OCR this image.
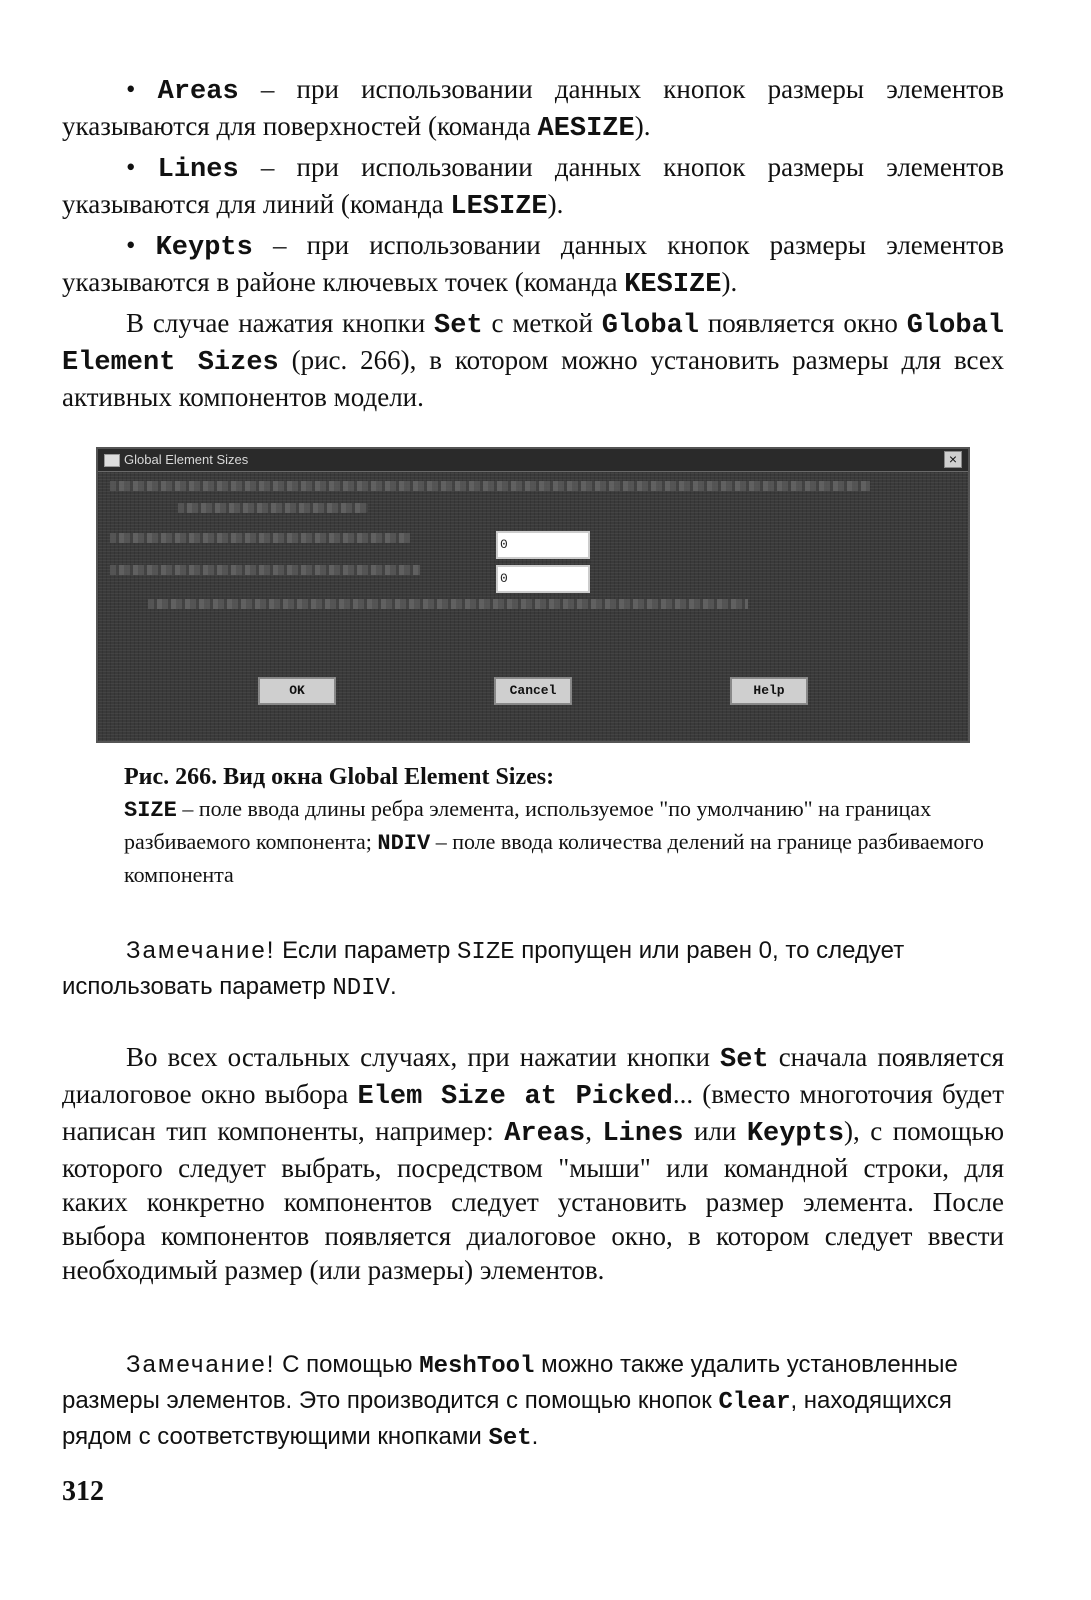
• Areas – при использовании данных кнопок размеры элементов указываются для поверхностей (команда AESIZE).
• Lines – при использовании данных кнопок размеры элементов указываются для линий (команда LESIZE).
• Keypts – при использовании данных кнопок размеры элементов указываются в районе ключевых точек (команда KESIZE).
В случае нажатия кнопки Set с меткой Global появляется окно Global Element Sizes (рис. 266), в котором можно установить размеры для всех активных компонентов модели.
Global Element Sizes	×
0
0
OK	Cancel	Help
Рис. 266. Вид окна Global Element Sizes:
SIZE – поле ввода длины ребра элемента, используемое "по умолчанию" на границах разбиваемого компонента; NDIV – поле ввода количества делений на границе разбиваемого компонента
Замечание! Если параметр SIZE пропущен или равен 0, то следует использовать параметр NDIV.
Во всех остальных случаях, при нажатии кнопки Set сначала появляется диалоговое окно выбора Elem Size at Picked... (вместо многоточия будет написан тип компоненты, например: Areas, Lines или Keypts), с помощью которого следует выбрать, посредством "мыши" или командной строки, для каких конкретно компонентов следует установить размер элемента. После выбора компонентов появляется диалоговое окно, в котором следует ввести необходимый размер (или размеры) элементов.
Замечание! С помощью MeshTool можно также удалить установленные размеры элементов. Это производится с помощью кнопок Clear, находящихся рядом с соответствующими кнопками Set.
312
